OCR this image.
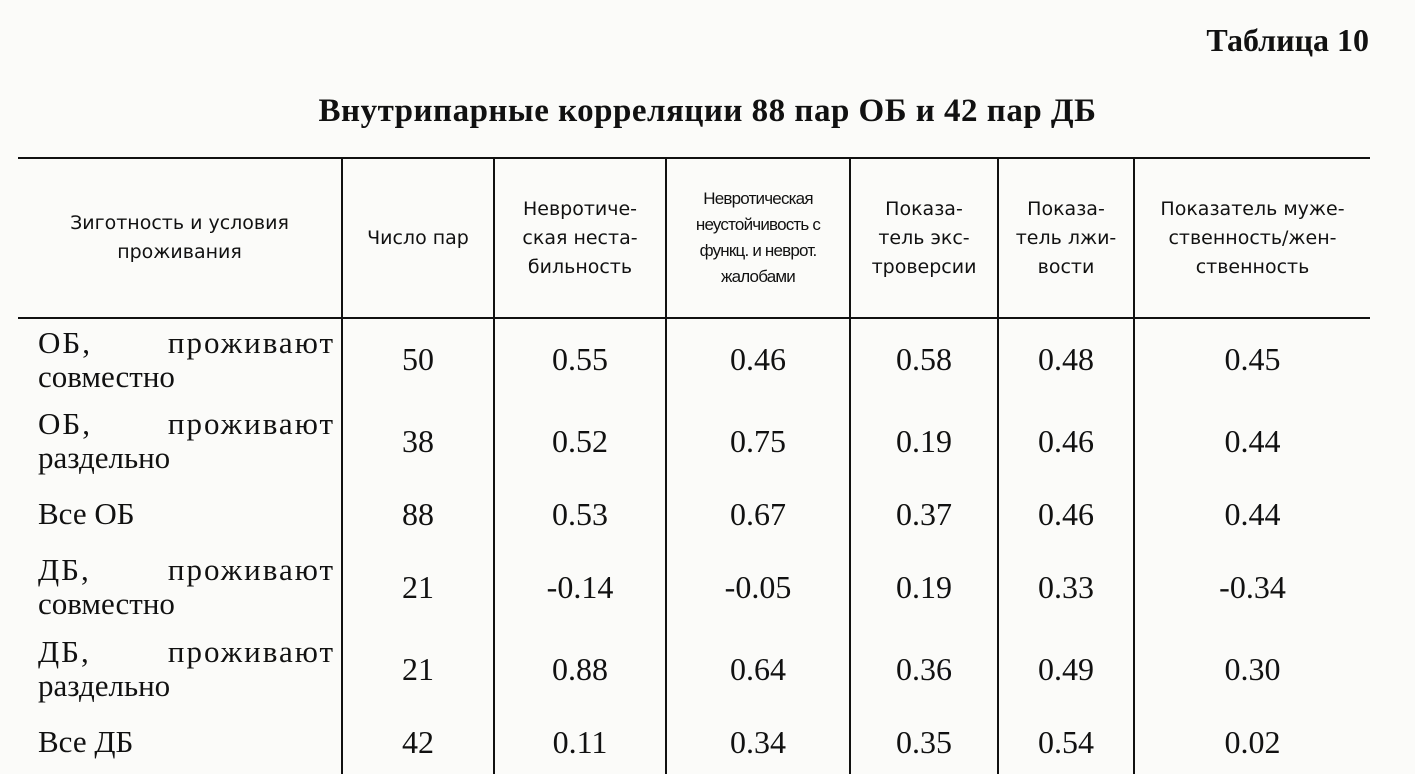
Таблица 10
Внутрипарные корреляции 88 пар ОБ и 42 пар ДБ
Зиготность и условия
проживания	Число пар	Невротиче-
ская неста-
бильность	Невротическая
неустойчивость с
функц. и неврот.
жалобами	Показа-
тель экс-
троверсии	Показа-
тель лжи-
вости	Показатель муже-
ственность/жен-
ственность

ОБ, проживают
совместно	50	0.55	0.46	0.58	0.48	0.45

ОБ, проживают
раздельно	38	0.52	0.75	0.19	0.46	0.44

Все ОБ	88	0.53	0.67	0.37	0.46	0.44

ДБ, проживают
совместно	21	-0.14	-0.05	0.19	0.33	-0.34

ДБ, проживают
раздельно	21	0.88	0.64	0.36	0.49	0.30

Все ДБ	42	0.11	0.34	0.35	0.54	0.02
